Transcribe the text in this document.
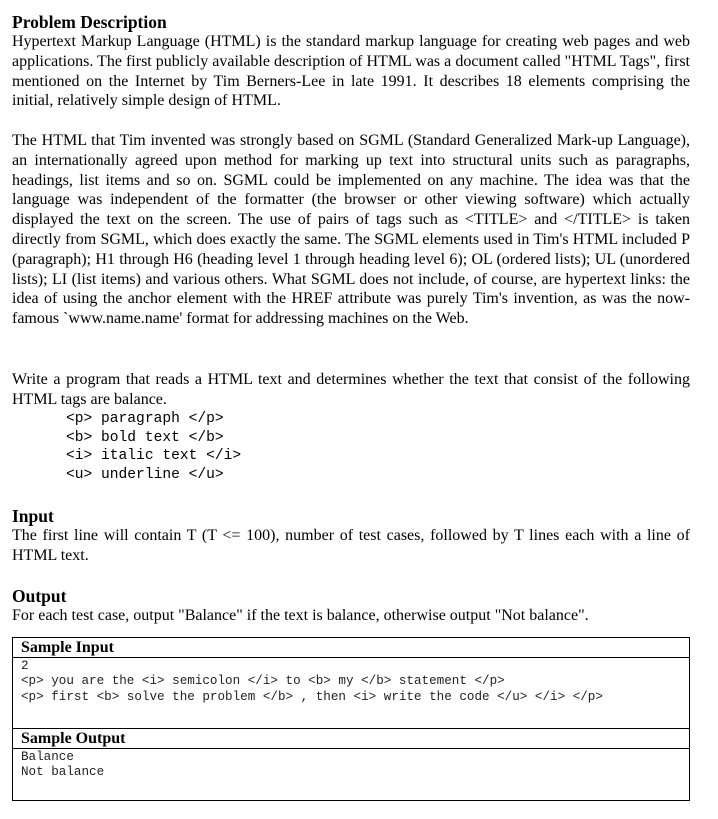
Problem Description

Hypertext Markup Language (HTML) is the standard markup language for creating web pages and web applications. The first publicly available description of HTML was a document called "HTML Tags", first mentioned on the Internet by Tim Berners-Lee in late 1991. It describes 18 elements comprising the initial, relatively simple design of HTML.

The HTML that Tim invented was strongly based on SGML (Standard Generalized Mark-up Language), an internationally agreed upon method for marking up text into structural units such as paragraphs, headings, list items and so on. SGML could be implemented on any machine. The idea was that the language was independent of the formatter (the browser or other viewing software) which actually displayed the text on the screen. The use of pairs of tags such as <TITLE> and </TITLE> is taken directly from SGML, which does exactly the same. The SGML elements used in Tim's HTML included P (paragraph); H1 through H6 (heading level 1 through heading level 6); OL (ordered lists); UL (unordered lists); LI (list items) and various others. What SGML does not include, of course, are hypertext links: the idea of using the anchor element with the HREF attribute was purely Tim's invention, as was the now-famous `www.name.name' format for addressing machines on the Web.

Write a program that reads a HTML text and determines whether the text that consist of the following HTML tags are balance.

<p> paragraph </p>
<b> bold text </b>
<i> italic text </i>
<u> underline </u>
Input

The first line will contain T (T <= 100), number of test cases, followed by T lines each with a line of HTML text.

Output

For each test case, output "Balance" if the text is balance, otherwise output "Not balance".

Sample Input
2
<p> you are the <i> semicolon </i> to <b> my </b> statement </p>
<p> first <b> solve the problem </b> , then <i> write the code </u> </i> </p>
Sample Output
Balance
Not balance
